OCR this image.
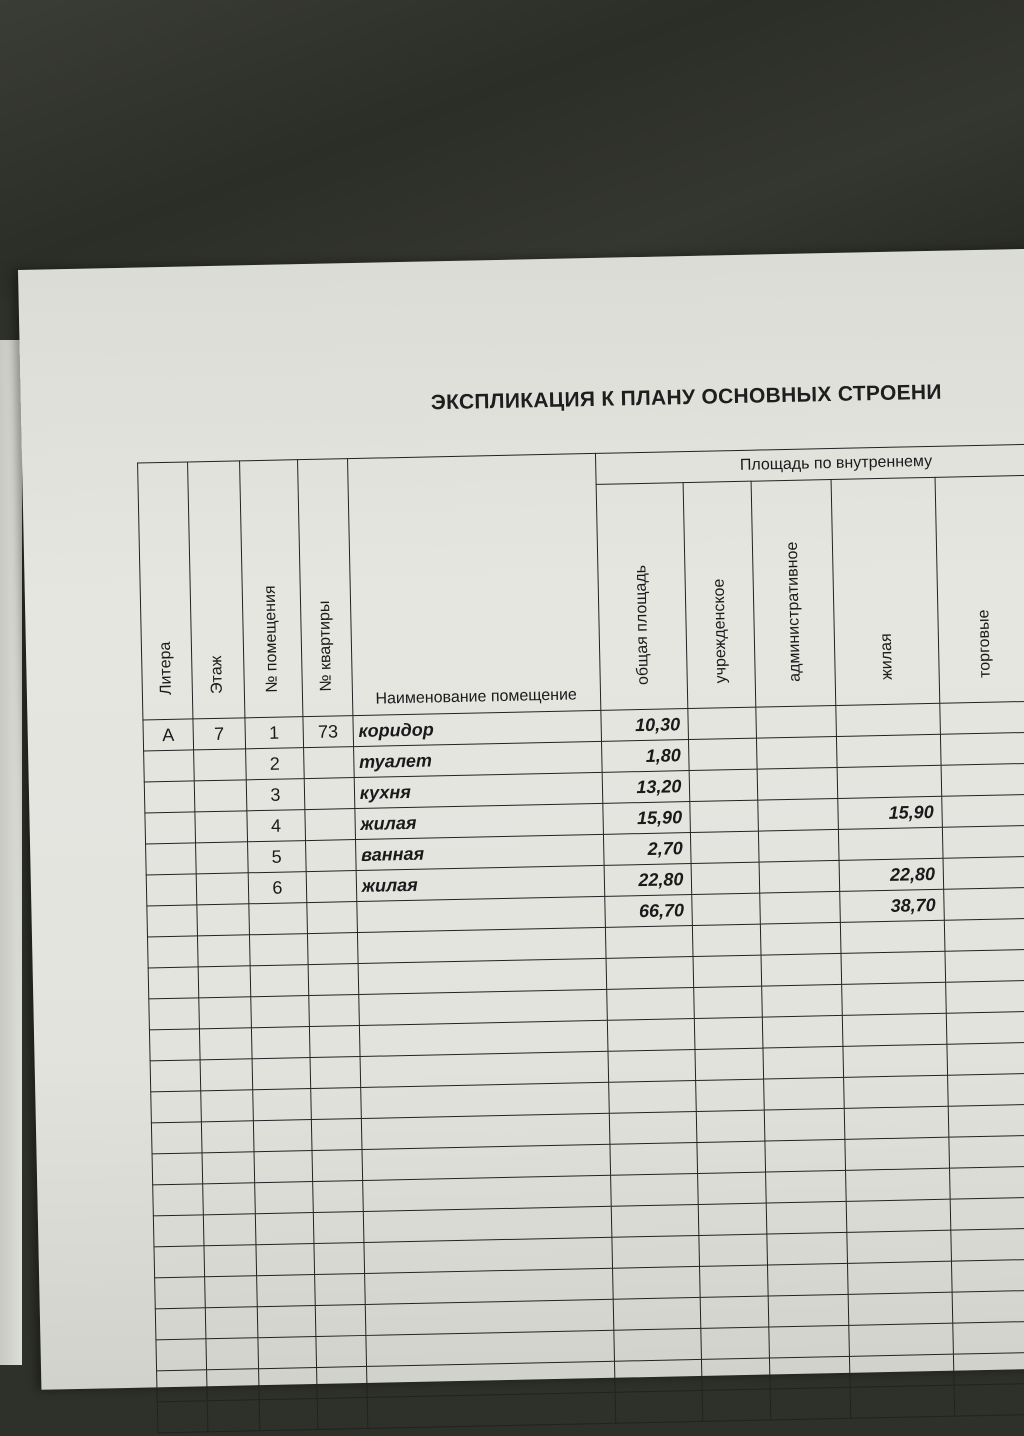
ЭКСПЛИКАЦИЯ К ПЛАНУ ОСНОВНЫХ СТРОЕНИ
Литера	Этаж	№ помещения	№ квартиры	Наименование помещение	Площадь по внутреннему					

					общая площадь	учрежденское	административное	жилая	торговые	

А	7	1	73	коридор	10,30					
		2		туалет	1,80					
		3		кухня	13,20					
		4		жилая	15,90			15,90		
		5		ванная	2,70					
		6		жилая	22,80			22,80		
					66,70			38,70		
